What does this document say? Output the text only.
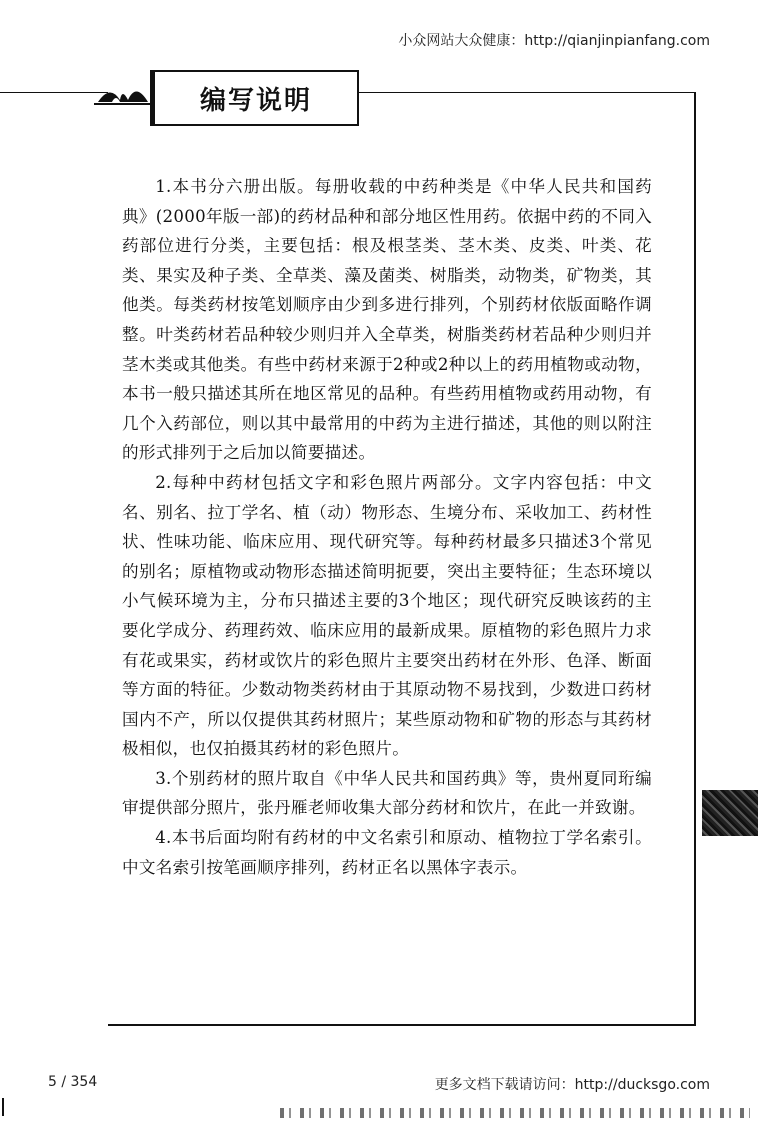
小众网站大众健康：http://qianjinpianfang.com
编写说明

1.本书分六册出版。每册收载的中药种类是《中华人民共和国药典》(2000年版一部)的药材品种和部分地区性用药。依据中药的不同入药部位进行分类，主要包括：根及根茎类、茎木类、皮类、叶类、花类、果实及种子类、全草类、藻及菌类、树脂类，动物类，矿物类，其他类。每类药材按笔划顺序由少到多进行排列，个别药材依版面略作调整。叶类药材若品种较少则归并入全草类，树脂类药材若品种少则归并茎木类或其他类。有些中药材来源于2种或2种以上的药用植物或动物，本书一般只描述其所在地区常见的品种。有些药用植物或药用动物，有几个入药部位，则以其中最常用的中药为主进行描述，其他的则以附注的形式排列于之后加以简要描述。

2.每种中药材包括文字和彩色照片两部分。文字内容包括：中文名、别名、拉丁学名、植（动）物形态、生境分布、采收加工、药材性状、性味功能、临床应用、现代研究等。每种药材最多只描述3个常见的别名；原植物或动物形态描述简明扼要，突出主要特征；生态环境以小气候环境为主，分布只描述主要的3个地区；现代研究反映该药的主要化学成分、药理药效、临床应用的最新成果。原植物的彩色照片力求有花或果实，药材或饮片的彩色照片主要突出药材在外形、色泽、断面等方面的特征。少数动物类药材由于其原动物不易找到，少数进口药材国内不产，所以仅提供其药材照片；某些原动物和矿物的形态与其药材极相似，也仅拍摄其药材的彩色照片。

3.个别药材的照片取自《中华人民共和国药典》等，贵州夏同珩编审提供部分照片，张丹雁老师收集大部分药材和饮片，在此一并致谢。

4.本书后面均附有药材的中文名索引和原动、植物拉丁学名索引。中文名索引按笔画顺序排列，药材正名以黑体字表示。

5 / 354	更多文档下载请访问：http://ducksgo.com
